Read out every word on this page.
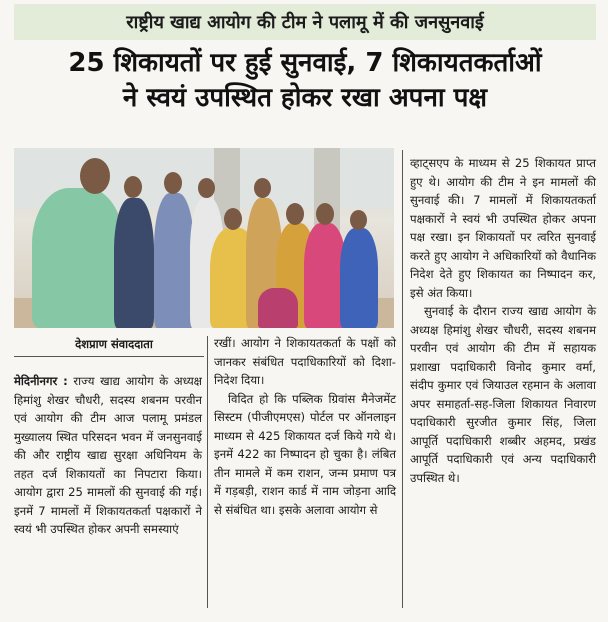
राष्ट्रीय खाद्य आयोग की टीम ने पलामू में की जनसुनवाई
25 शिकायतों पर हुई सुनवाई, 7 शिकायतकर्ताओं
ने स्वयं उपस्थित होकर रखा अपना पक्ष
देशप्राण संवाददाता

मेदिनीनगर : राज्य खाद्य आयोग के अध्यक्ष हिमांशु शेखर चौधरी, सदस्य शबनम परवीन एवं आयोग की टीम आज पलामू प्रमंडल मुख्यालय स्थित परिसदन भवन में जनसुनवाई की और राष्ट्रीय खाद्य सुरक्षा अधिनियम के तहत दर्ज शिकायतों का निपटारा किया। आयोग द्वारा 25 मामलों की सुनवाई की गई। इनमें 7 मामलों में शिकायतकर्ता पक्षकारों ने स्वयं भी उपस्थित होकर अपनी समस्याएं

रखीं। आयोग ने शिकायतकर्ता के पक्षों को जानकर संबंधित पदाधिकारियों को दिशा-निदेश दिया।

विदित हो कि पब्लिक ग्रिवांस मैनेजमेंट सिस्टम (पीजीएमएस) पोर्टल पर ऑनलाइन माध्यम से 425 शिकायत दर्ज किये गये थे। इनमें 422 का निष्पादन हो चुका है। लंबित तीन मामले में कम राशन, जन्म प्रमाण पत्र में गड़बड़ी, राशन कार्ड में नाम जोड़ना आदि से संबंधित था। इसके अलावा आयोग से

व्हाट्सएप के माध्यम से 25 शिकायत प्राप्त हुए थे। आयोग की टीम ने इन मामलों की सुनवाई की। 7 मामलों में शिकायतकर्ता पक्षकारों ने स्वयं भी उपस्थित होकर अपना पक्ष रखा। इन शिकायतों पर त्वरित सुनवाई करते हुए आयोग ने अधिकारियों को वैधानिक निदेश देते हुए शिकायत का निष्पादन कर, इसे अंत किया।

सुनवाई के दौरान राज्य खाद्य आयोग के अध्यक्ष हिमांशु शेखर चौधरी, सदस्य शबनम परवीन एवं आयोग की टीम में सहायक प्रशाखा पदाधिकारी विनोद कुमार वर्मा, संदीप कुमार एवं जियाउल रहमान के अलावा अपर समाहर्ता-सह-जिला शिकायत निवारण पदाधिकारी सुरजीत कुमार सिंह, जिला आपूर्ति पदाधिकारी शब्बीर अहमद, प्रखंड आपूर्ति पदाधिकारी एवं अन्य पदाधिकारी उपस्थित थे।
